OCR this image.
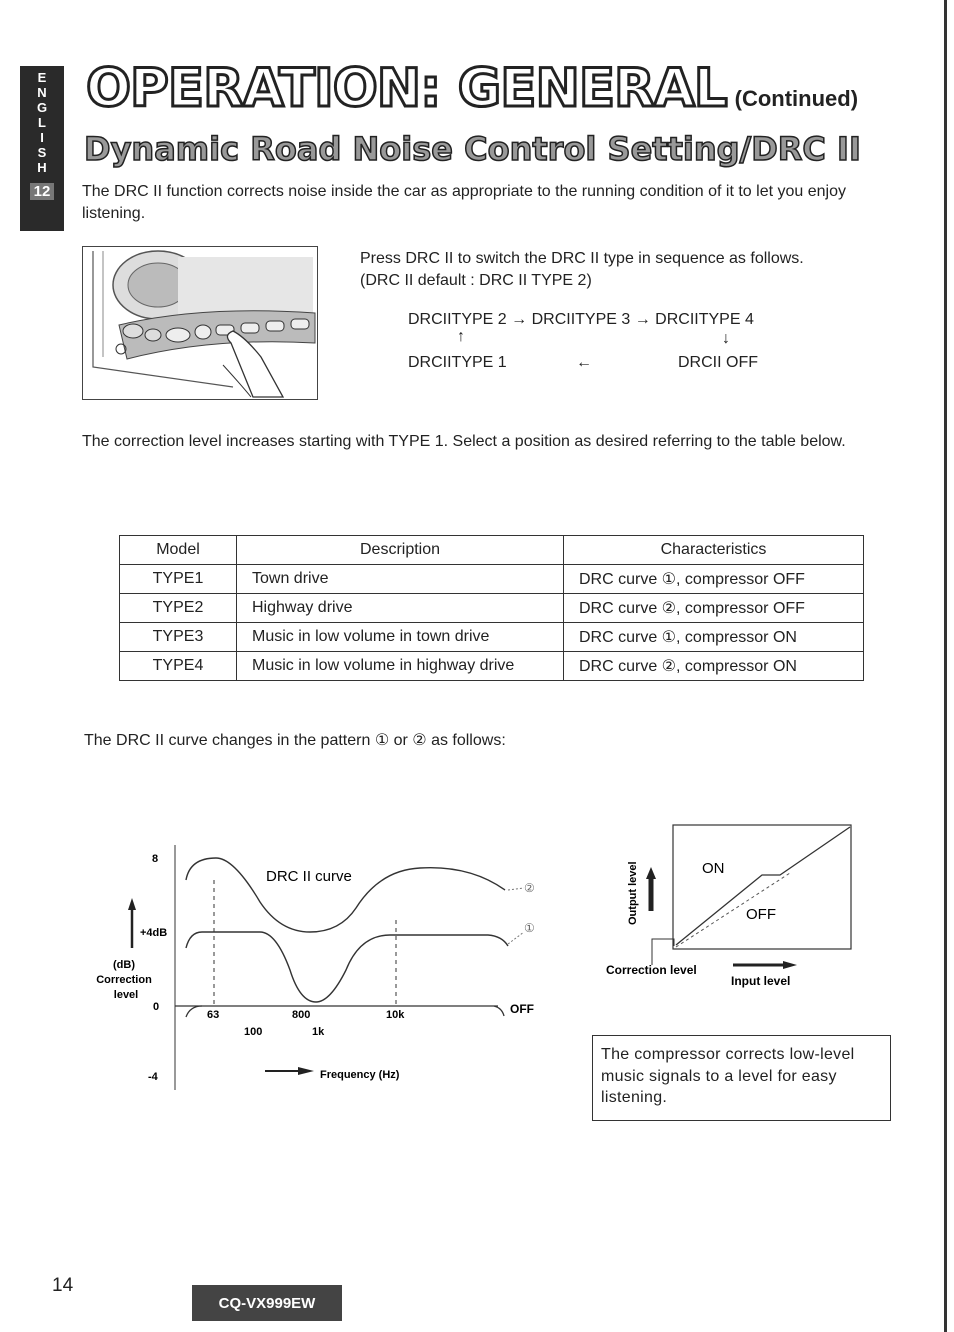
E
N
G
L
I
S
H
12
OPERATION: GENERAL (Continued)
Dynamic Road Noise Control Setting/DRC II
The DRC II function corrects noise inside the car as appropriate to the running condition of it to let you enjoy listening.
Press DRC II to switch the DRC II type in sequence as follows.
(DRC II default : DRC II TYPE 2)
DRCIITYPE 2 → DRCIITYPE 3 → DRCIITYPE 4
↑	↓
DRCIITYPE 1	←	DRCII OFF
The correction level increases starting with TYPE 1. Select a position as desired referring to the table below.
Model	Description	Characteristics
TYPE1	Town drive	DRC curve ①, compressor OFF
TYPE2	Highway drive	DRC curve ②, compressor OFF
TYPE3	Music in low volume in town drive	DRC curve ①, compressor ON
TYPE4	Music in low volume in highway drive	DRC curve ②, compressor ON
The DRC II curve changes in the pattern ① or ② as follows:
8
0
-4
+4dB
(dB)
Correction
level
DRC II curve
②
①
OFF
63	800	10k
100	1k
Frequency (Hz)
Output level	ON
OFF
Correction level
Input level
The compressor corrects low-level music signals to a level for easy listening.
14
CQ-VX999EW
